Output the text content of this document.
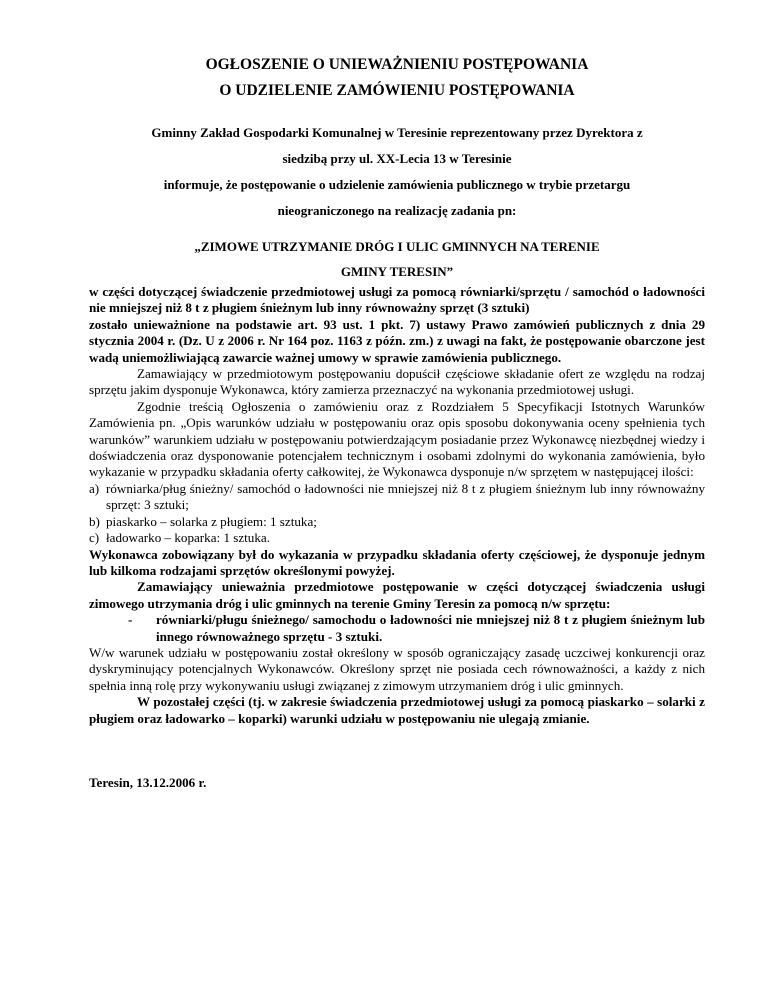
OGŁOSZENIE O UNIEWAŻNIENIU POSTĘPOWANIA

O UDZIELENIE ZAMÓWIENIU POSTĘPOWANIA

Gminny Zakład Gospodarki Komunalnej w Teresinie reprezentowany przez Dyrektora z

siedzibą przy ul. XX-Lecia 13 w Teresinie

informuje, że postępowanie o udzielenie zamówienia publicznego w trybie przetargu

nieograniczonego na realizację zadania pn:

„ZIMOWE UTRZYMANIE DRÓG I ULIC GMINNYCH NA TERENIE

GMINY TERESIN”

w części dotyczącej świadczenie przedmiotowej usługi za pomocą równiarki/sprzętu / samochód o ładowności nie mniejszej niż 8 t z pługiem śnieżnym lub inny równoważny sprzęt (3 sztuki)

zostało unieważnione na podstawie art. 93 ust. 1 pkt. 7) ustawy Prawo zamówień publicznych z dnia 29 stycznia 2004 r. (Dz. U z 2006 r. Nr 164 poz. 1163 z późn. zm.) z uwagi na fakt, że postępowanie obarczone jest wadą uniemożliwiającą zawarcie ważnej umowy w sprawie zamówienia publicznego.

Zamawiający w przedmiotowym postępowaniu dopuścił częściowe składanie ofert ze względu na rodzaj sprzętu jakim dysponuje Wykonawca, który zamierza przeznaczyć na wykonania przedmiotowej usługi.

Zgodnie treścią Ogłoszenia o zamówieniu oraz z Rozdziałem 5 Specyfikacji Istotnych Warunków Zamówienia pn. „Opis warunków udziału w postępowaniu oraz opis sposobu dokonywania oceny spełnienia tych warunków” warunkiem udziału w postępowaniu potwierdzającym posiadanie przez Wykonawcę niezbędnej wiedzy i doświadczenia oraz dysponowanie potencjałem technicznym i osobami zdolnymi do wykonania zamówienia, było wykazanie w przypadku składania oferty całkowitej, że Wykonawca dysponuje n/w sprzętem w następującej ilości:

a) równiarka/pług śnieżny/ samochód o ładowności nie mniejszej niż 8 t z pługiem śnieżnym lub inny równoważny sprzęt: 3 sztuki;
b) piaskarko – solarka z pługiem: 1 sztuka;
c) ładowarko – koparka: 1 sztuka.

Wykonawca zobowiązany był do wykazania w przypadku składania oferty częściowej, że dysponuje jednym lub kilkoma rodzajami sprzętów określonymi powyżej.

Zamawiający unieważnia przedmiotowe postępowanie w części dotyczącej świadczenia usługi zimowego utrzymania dróg i ulic gminnych na terenie Gminy Teresin za pomocą n/w sprzętu:

- równiarki/pługu śnieżnego/ samochodu o ładowności nie mniejszej niż 8 t z pługiem śnieżnym lub innego równoważnego sprzętu - 3 sztuki.

W/w warunek udziału w postępowaniu został określony w sposób ograniczający zasadę uczciwej konkurencji oraz dyskryminujący potencjalnych Wykonawców. Określony sprzęt nie posiada cech równoważności, a każdy z nich spełnia inną rolę przy wykonywaniu usługi związanej z zimowym utrzymaniem dróg i ulic gminnych.

W pozostałej części (tj. w zakresie świadczenia przedmiotowej usługi za pomocą piaskarko – solarki z pługiem oraz ładowarko – koparki) warunki udziału w postępowaniu nie ulegają zmianie.

Teresin, 13.12.2006 r.
